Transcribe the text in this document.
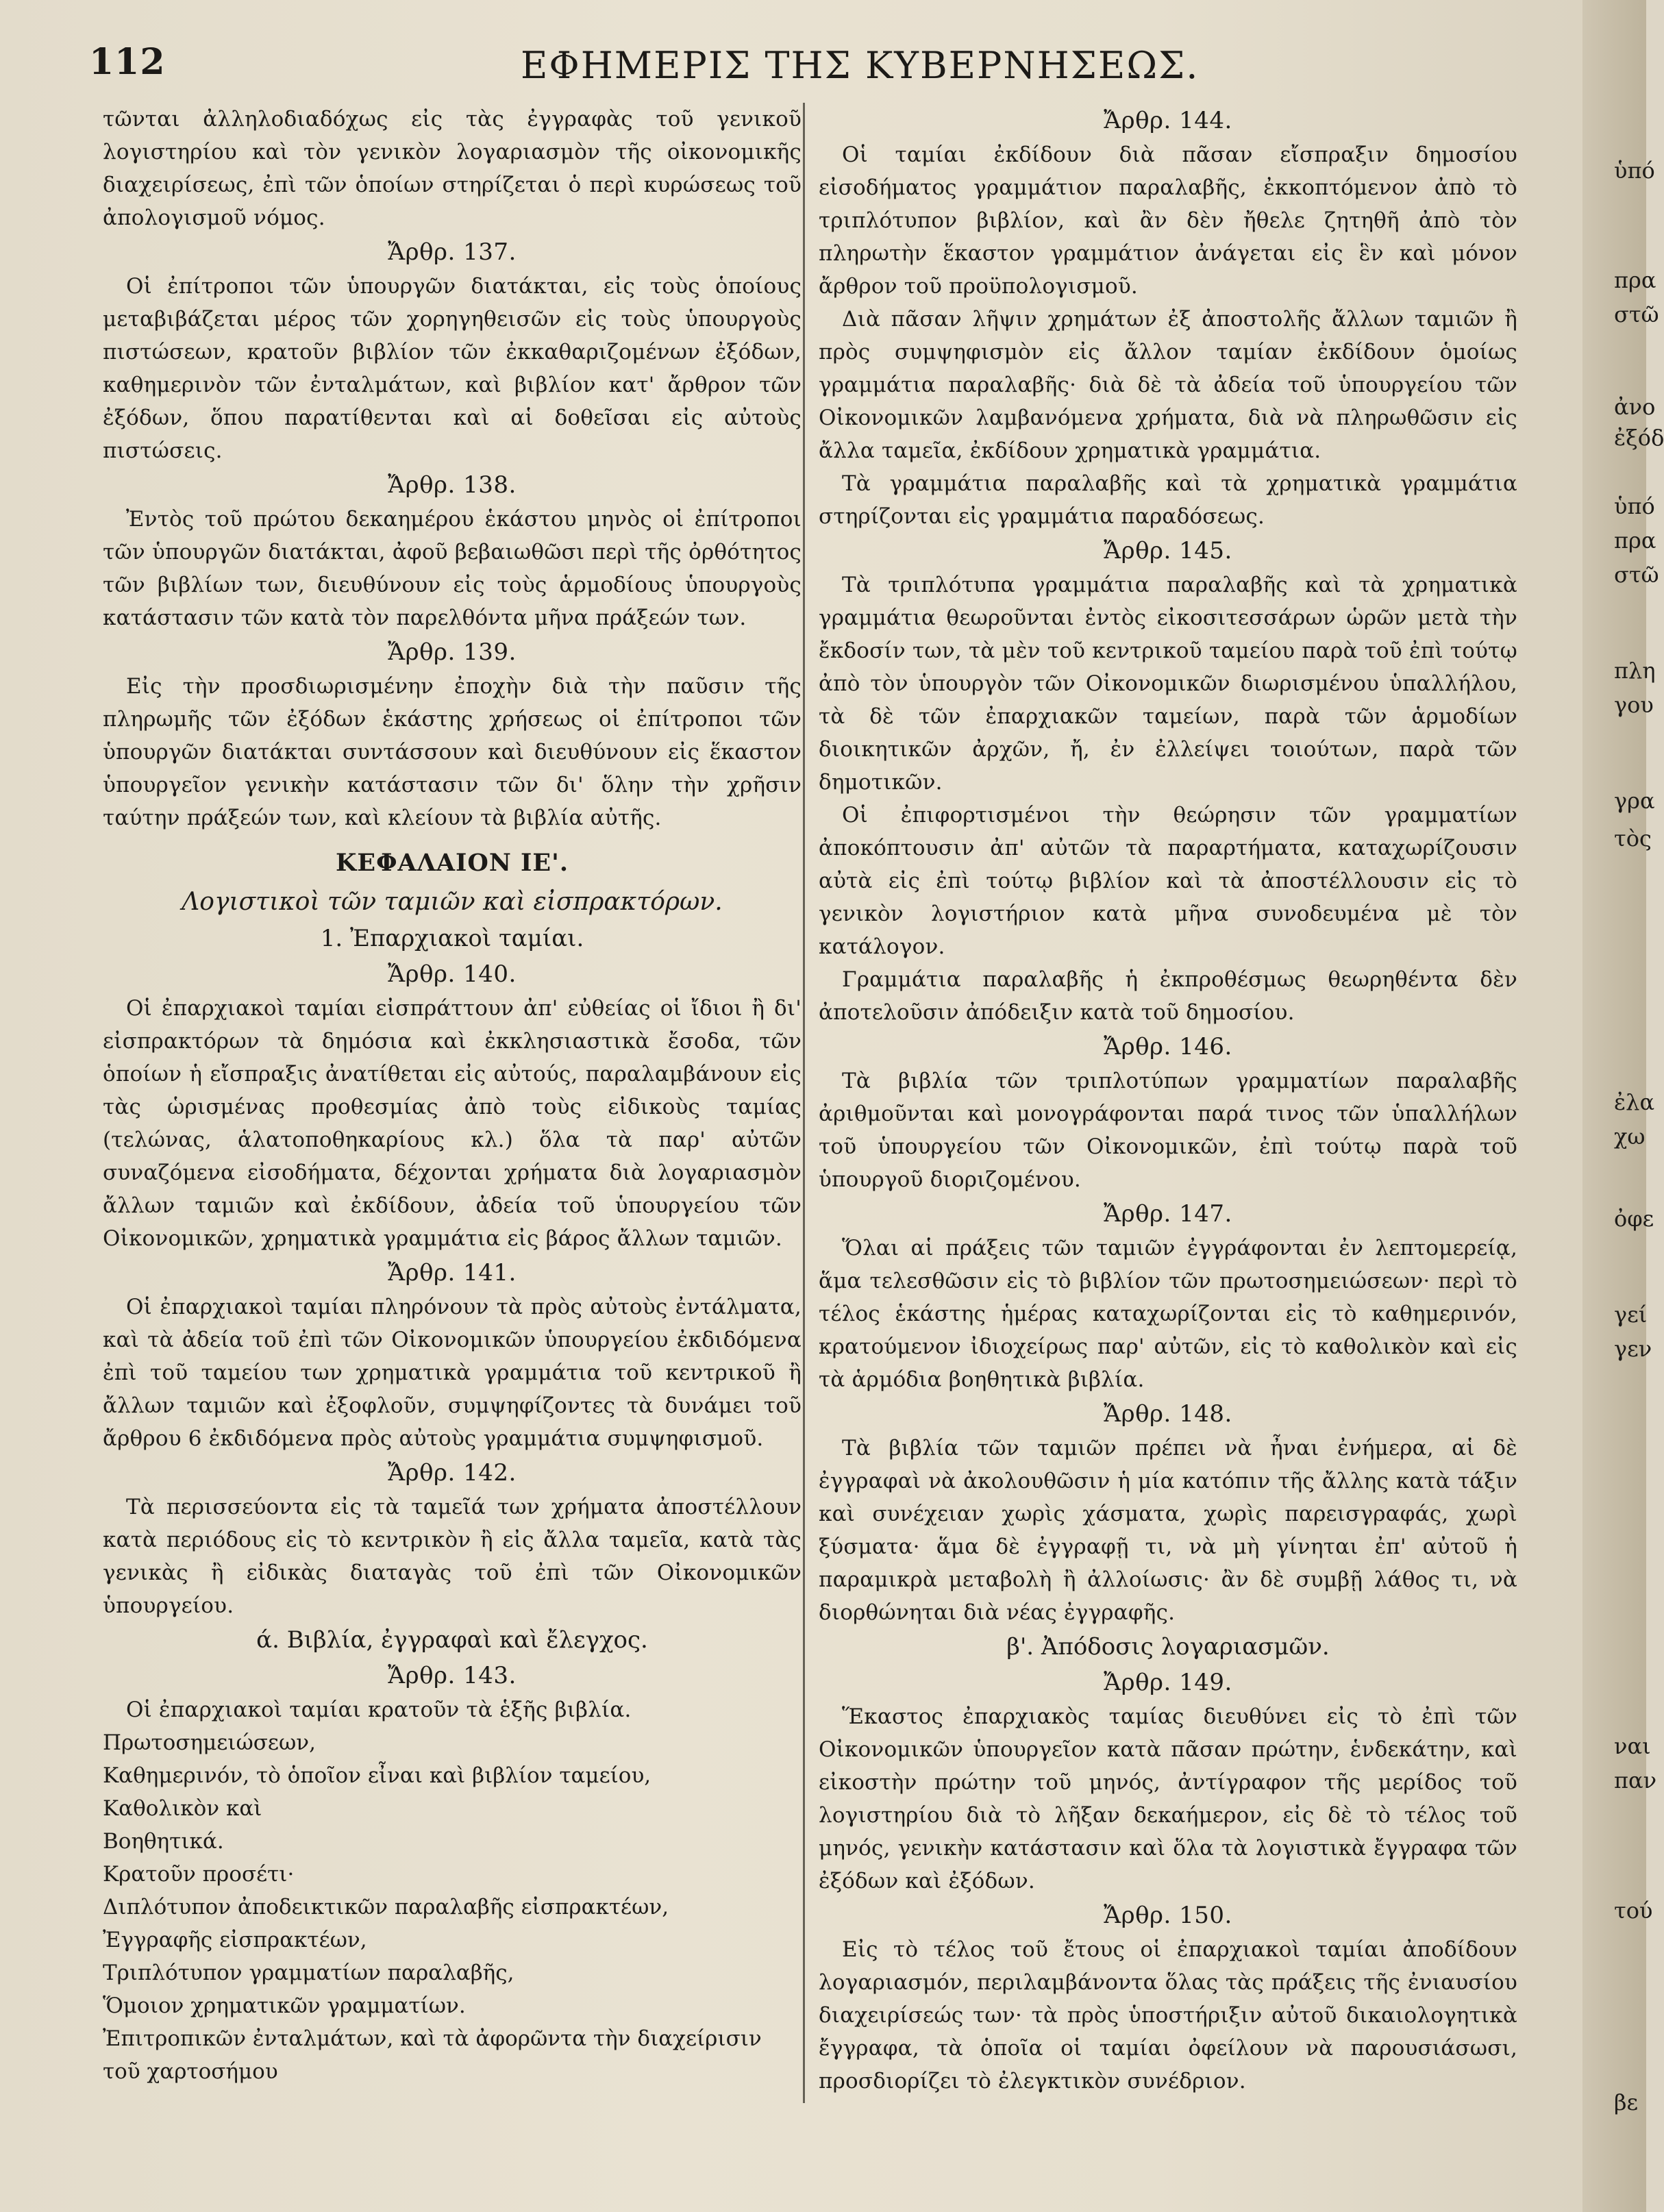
112	ΕΦΗΜΕΡΙΣ ΤΗΣ ΚΥΒΕΡΝΗΣΕΩΣ.

τῶνται ἀλληλοδιαδόχως εἰς τὰς ἐγγραφὰς τοῦ γενικοῦ λογιστηρίου καὶ τὸν γενικὸν λογαριασμὸν τῆς οἰκονομικῆς διαχειρίσεως, ἐπὶ τῶν ὁποίων στηρίζεται ὁ περὶ κυρώσεως τοῦ ἀπολογισμοῦ νόμος.

Ἄρθρ. 137.

Οἱ ἐπίτροποι τῶν ὑπουργῶν διατάκται, εἰς τοὺς ὁποίους μεταβιβάζεται μέρος τῶν χορηγηθεισῶν εἰς τοὺς ὑπουργοὺς πιστώσεων, κρατοῦν βιβλίον τῶν ἐκκαθαριζομένων ἐξόδων, καθημερινὸν τῶν ἐνταλμάτων, καὶ βιβλίον κατ' ἄρθρον τῶν ἐξόδων, ὅπου παρατίθενται καὶ αἱ δοθεῖσαι εἰς αὐτοὺς πιστώσεις.

Ἄρθρ. 138.

Ἐντὸς τοῦ πρώτου δεκαημέρου ἑκάστου μηνὸς οἱ ἐπίτροποι τῶν ὑπουργῶν διατάκται, ἀφοῦ βεβαιωθῶσι περὶ τῆς ὀρθότητος τῶν βιβλίων των, διευθύνουν εἰς τοὺς ἁρμοδίους ὑπουργοὺς κατάστασιν τῶν κατὰ τὸν παρελθόντα μῆνα πράξεών των.

Ἄρθρ. 139.

Εἰς τὴν προσδιωρισμένην ἐποχὴν διὰ τὴν παῦσιν τῆς πληρωμῆς τῶν ἐξόδων ἑκάστης χρήσεως οἱ ἐπίτροποι τῶν ὑπουργῶν διατάκται συντάσσουν καὶ διευθύνουν εἰς ἕκαστον ὑπουργεῖον γενικὴν κατάστασιν τῶν δι' ὅλην τὴν χρῆσιν ταύτην πράξεών των, καὶ κλείουν τὰ βιβλία αὐτῆς.

ΚΕΦΑΛΑΙΟΝ ΙΕ'.

Λογιστικοὶ τῶν ταμιῶν καὶ εἰσπρακτόρων.

1. Ἐπαρχιακοὶ ταμίαι.

Ἄρθρ. 140.

Οἱ ἐπαρχιακοὶ ταμίαι εἰσπράττουν ἀπ' εὐθείας οἱ ἴδιοι ἢ δι' εἰσπρακτόρων τὰ δημόσια καὶ ἐκκλησιαστικὰ ἔσοδα, τῶν ὁποίων ἡ εἴσπραξις ἀνατίθεται εἰς αὐτούς, παραλαμβάνουν εἰς τὰς ὡρισμένας προθεσμίας ἀπὸ τοὺς εἰδικοὺς ταμίας (τελώνας, ἁλατοποθηκαρίους κλ.) ὅλα τὰ παρ' αὐτῶν συναζόμενα εἰσοδήματα, δέχονται χρήματα διὰ λογαριασμὸν ἄλλων ταμιῶν καὶ ἐκδίδουν, ἀδεία τοῦ ὑπουργείου τῶν Οἰκονομικῶν, χρηματικὰ γραμμάτια εἰς βάρος ἄλλων ταμιῶν.

Ἄρθρ. 141.

Οἱ ἐπαρχιακοὶ ταμίαι πληρόνουν τὰ πρὸς αὐτοὺς ἐντάλματα, καὶ τὰ ἀδεία τοῦ ἐπὶ τῶν Οἰκονομικῶν ὑπουργείου ἐκδιδόμενα ἐπὶ τοῦ ταμείου των χρηματικὰ γραμμάτια τοῦ κεντρικοῦ ἢ ἄλλων ταμιῶν καὶ ἐξοφλοῦν, συμψηφίζοντες τὰ δυνάμει τοῦ ἄρθρου 6 ἐκδιδόμενα πρὸς αὐτοὺς γραμμάτια συμψηφισμοῦ.

Ἄρθρ. 142.

Τὰ περισσεύοντα εἰς τὰ ταμεῖά των χρήματα ἀποστέλλουν κατὰ περιόδους εἰς τὸ κεντρικὸν ἢ εἰς ἄλλα ταμεῖα, κατὰ τὰς γενικὰς ἢ εἰδικὰς διαταγὰς τοῦ ἐπὶ τῶν Οἰκονομικῶν ὑπουργείου.

ά. Βιβλία, ἐγγραφαὶ καὶ ἔλεγχος.

Ἄρθρ. 143.

Οἱ ἐπαρχιακοὶ ταμίαι κρατοῦν τὰ ἑξῆς βιβλία.

Πρωτοσημειώσεων,

Καθημερινόν, τὸ ὁποῖον εἶναι καὶ βιβλίον ταμείου,

Καθολικὸν καὶ

Βοηθητικά.

Κρατοῦν προσέτι·

Διπλότυπον ἀποδεικτικῶν παραλαβῆς εἰσπρακτέων,

Ἐγγραφῆς εἰσπρακτέων,

Τριπλότυπον γραμματίων παραλαβῆς,

Ὅμοιον χρηματικῶν γραμματίων.

Ἐπιτροπικῶν ἐνταλμάτων, καὶ τὰ ἀφορῶντα τὴν διαχείρισιν τοῦ χαρτοσήμου

Ἄρθρ. 144.

Οἱ ταμίαι ἐκδίδουν διὰ πᾶσαν εἴσπραξιν δημοσίου εἰσοδήματος γραμμάτιον παραλαβῆς, ἐκκοπτόμενον ἀπὸ τὸ τριπλότυπον βιβλίον, καὶ ἂν δὲν ἤθελε ζητηθῆ ἀπὸ τὸν πληρωτὴν ἕκαστον γραμμάτιον ἀνάγεται εἰς ἓν καὶ μόνον ἄρθρον τοῦ προϋπολογισμοῦ.

Διὰ πᾶσαν λῆψιν χρημάτων ἐξ ἀποστολῆς ἄλλων ταμιῶν ἢ πρὸς συμψηφισμὸν εἰς ἄλλον ταμίαν ἐκδίδουν ὁμοίως γραμμάτια παραλαβῆς· διὰ δὲ τὰ ἀδεία τοῦ ὑπουργείου τῶν Οἰκονομικῶν λαμβανόμενα χρήματα, διὰ νὰ πληρωθῶσιν εἰς ἄλλα ταμεῖα, ἐκδίδουν χρηματικὰ γραμμάτια.

Τὰ γραμμάτια παραλαβῆς καὶ τὰ χρηματικὰ γραμμάτια στηρίζονται εἰς γραμμάτια παραδόσεως.

Ἄρθρ. 145.

Τὰ τριπλότυπα γραμμάτια παραλαβῆς καὶ τὰ χρηματικὰ γραμμάτια θεωροῦνται ἐντὸς εἰκοσιτεσσάρων ὡρῶν μετὰ τὴν ἔκδοσίν των, τὰ μὲν τοῦ κεντρικοῦ ταμείου παρὰ τοῦ ἐπὶ τούτῳ ἀπὸ τὸν ὑπουργὸν τῶν Οἰκονομικῶν διωρισμένου ὑπαλλήλου, τὰ δὲ τῶν ἐπαρχιακῶν ταμείων, παρὰ τῶν ἁρμοδίων διοικητικῶν ἀρχῶν, ἤ, ἐν ἐλλείψει τοιούτων, παρὰ τῶν δημοτικῶν.

Οἱ ἐπιφορτισμένοι τὴν θεώρησιν τῶν γραμματίων ἀποκόπτουσιν ἀπ' αὐτῶν τὰ παραρτήματα, καταχωρίζουσιν αὐτὰ εἰς ἐπὶ τούτῳ βιβλίον καὶ τὰ ἀποστέλλουσιν εἰς τὸ γενικὸν λογιστήριον κατὰ μῆνα συνοδευμένα μὲ τὸν κατάλογον.

Γραμμάτια παραλαβῆς ἡ ἐκπροθέσμως θεωρηθέντα δὲν ἀποτελοῦσιν ἀπόδειξιν κατὰ τοῦ δημοσίου.

Ἄρθρ. 146.

Τὰ βιβλία τῶν τριπλοτύπων γραμματίων παραλαβῆς ἀριθμοῦνται καὶ μονογράφονται παρά τινος τῶν ὑπαλλήλων τοῦ ὑπουργείου τῶν Οἰκονομικῶν, ἐπὶ τούτῳ παρὰ τοῦ ὑπουργοῦ διοριζομένου.

Ἄρθρ. 147.

Ὅλαι αἱ πράξεις τῶν ταμιῶν ἐγγράφονται ἐν λεπτομερείᾳ, ἅμα τελεσθῶσιν εἰς τὸ βιβλίον τῶν πρωτοσημειώσεων· περὶ τὸ τέλος ἑκάστης ἡμέρας καταχωρίζονται εἰς τὸ καθημερινόν, κρατούμενον ἰδιοχείρως παρ' αὐτῶν, εἰς τὸ καθολικὸν καὶ εἰς τὰ ἁρμόδια βοηθητικὰ βιβλία.

Ἄρθρ. 148.

Τὰ βιβλία τῶν ταμιῶν πρέπει νὰ ἦναι ἐνήμερα, αἱ δὲ ἐγγραφαὶ νὰ ἀκολουθῶσιν ἡ μία κατόπιν τῆς ἄλλης κατὰ τάξιν καὶ συνέχειαν χωρὶς χάσματα, χωρὶς παρεισγραφάς, χωρὶ ξύσματα· ἅμα δὲ ἐγγραφῇ τι, νὰ μὴ γίνηται ἐπ' αὐτοῦ ἡ παραμικρὰ μεταβολὴ ἢ ἀλλοίωσις· ἂν δὲ συμβῇ λάθος τι, νὰ διορθώνηται διὰ νέας ἐγγραφῆς.

β'. Ἀπόδοσις λογαριασμῶν.

Ἄρθρ. 149.

Ἕκαστος ἐπαρχιακὸς ταμίας διευθύνει εἰς τὸ ἐπὶ τῶν Οἰκονομικῶν ὑπουργεῖον κατὰ πᾶσαν πρώτην, ἑνδεκάτην, καὶ εἰκοστὴν πρώτην τοῦ μηνός, ἀντίγραφον τῆς μερίδος τοῦ λογιστηρίου διὰ τὸ λῆξαν δεκαήμερον, εἰς δὲ τὸ τέλος τοῦ μηνός, γενικὴν κατάστασιν καὶ ὅλα τὰ λογιστικὰ ἔγγραφα τῶν ἐξόδων καὶ ἐξόδων.

Ἄρθρ. 150.

Εἰς τὸ τέλος τοῦ ἔτους οἱ ἐπαρχιακοὶ ταμίαι ἀποδίδουν λογαριασμόν, περιλαμβάνοντα ὅλας τὰς πράξεις τῆς ἐνιαυσίου διαχειρίσεώς των· τὰ πρὸς ὑποστήριξιν αὐτοῦ δικαιολογητικὰ ἔγγραφα, τὰ ὁποῖα οἱ ταμίαι ὀφείλουν νὰ παρουσιάσωσι, προσδιορίζει τὸ ἐλεγκτικὸν συνέδριον.

ὑπό
πρα
στῶ
ἀνο
ἐξόδ
ὑπό
πρα
στῶ
πλη
γου
γρα
τὸς
ἐλα
χω
ὀφε
γεί
γεν
ναι
παν
τού
βε
